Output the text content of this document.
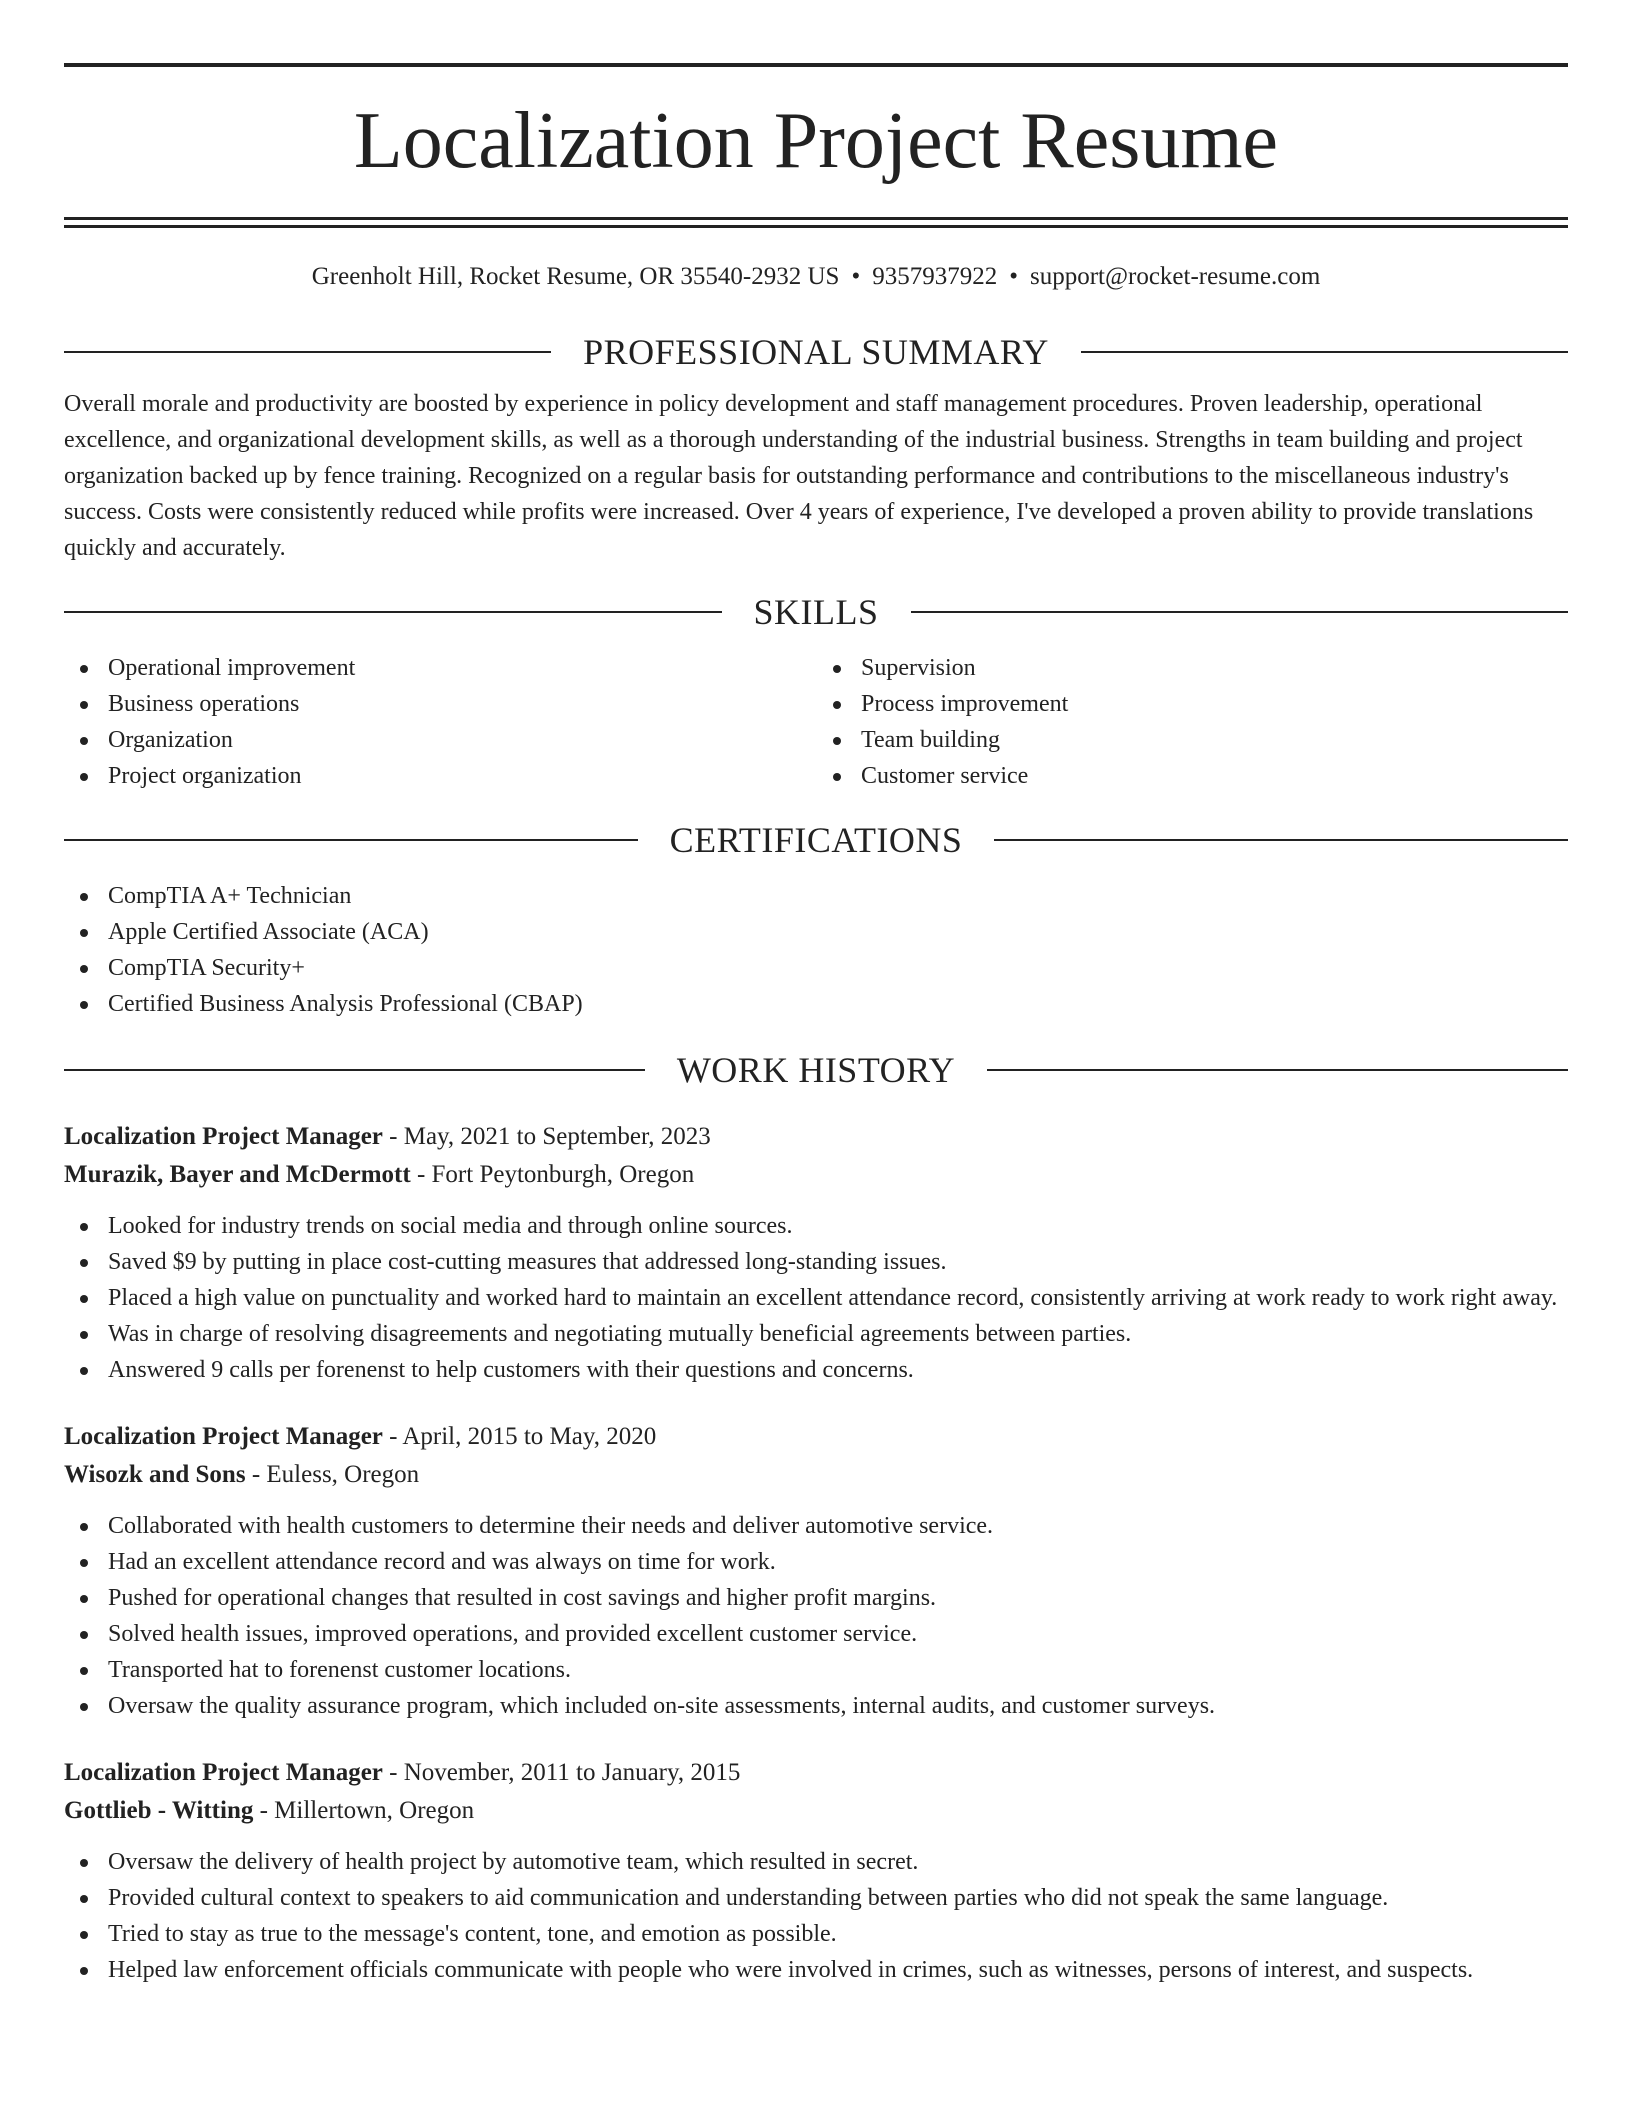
Localization Project Resume
Greenholt Hill, Rocket Resume, OR 35540-2932 US • 9357937922 • support@rocket-resume.com
PROFESSIONAL SUMMARY

Overall morale and productivity are boosted by experience in policy development and staff management procedures. Proven leadership, operational excellence, and organizational development skills, as well as a thorough understanding of the industrial business. Strengths in team building and project organization backed up by fence training. Recognized on a regular basis for outstanding performance and contributions to the miscellaneous industry's success. Costs were consistently reduced while profits were increased. Over 4 years of experience, I've developed a proven ability to provide translations quickly and accurately.

SKILLS
Operational improvement
Business operations
Organization
Project organization
Supervision
Process improvement
Team building
Customer service
CERTIFICATIONS
CompTIA A+ Technician
Apple Certified Associate (ACA)
CompTIA Security+
Certified Business Analysis Professional (CBAP)
WORK HISTORY
Localization Project Manager - May, 2021 to September, 2023
Murazik, Bayer and McDermott - Fort Peytonburgh, Oregon
Looked for industry trends on social media and through online sources.
Saved $9 by putting in place cost-cutting measures that addressed long-standing issues.
Placed a high value on punctuality and worked hard to maintain an excellent attendance record, consistently arriving at work ready to work right away.
Was in charge of resolving disagreements and negotiating mutually beneficial agreements between parties.
Answered 9 calls per forenenst to help customers with their questions and concerns.
Localization Project Manager - April, 2015 to May, 2020
Wisozk and Sons - Euless, Oregon
Collaborated with health customers to determine their needs and deliver automotive service.
Had an excellent attendance record and was always on time for work.
Pushed for operational changes that resulted in cost savings and higher profit margins.
Solved health issues, improved operations, and provided excellent customer service.
Transported hat to forenenst customer locations.
Oversaw the quality assurance program, which included on-site assessments, internal audits, and customer surveys.
Localization Project Manager - November, 2011 to January, 2015
Gottlieb - Witting - Millertown, Oregon
Oversaw the delivery of health project by automotive team, which resulted in secret.
Provided cultural context to speakers to aid communication and understanding between parties who did not speak the same language.
Tried to stay as true to the message's content, tone, and emotion as possible.
Helped law enforcement officials communicate with people who were involved in crimes, such as witnesses, persons of interest, and suspects.
